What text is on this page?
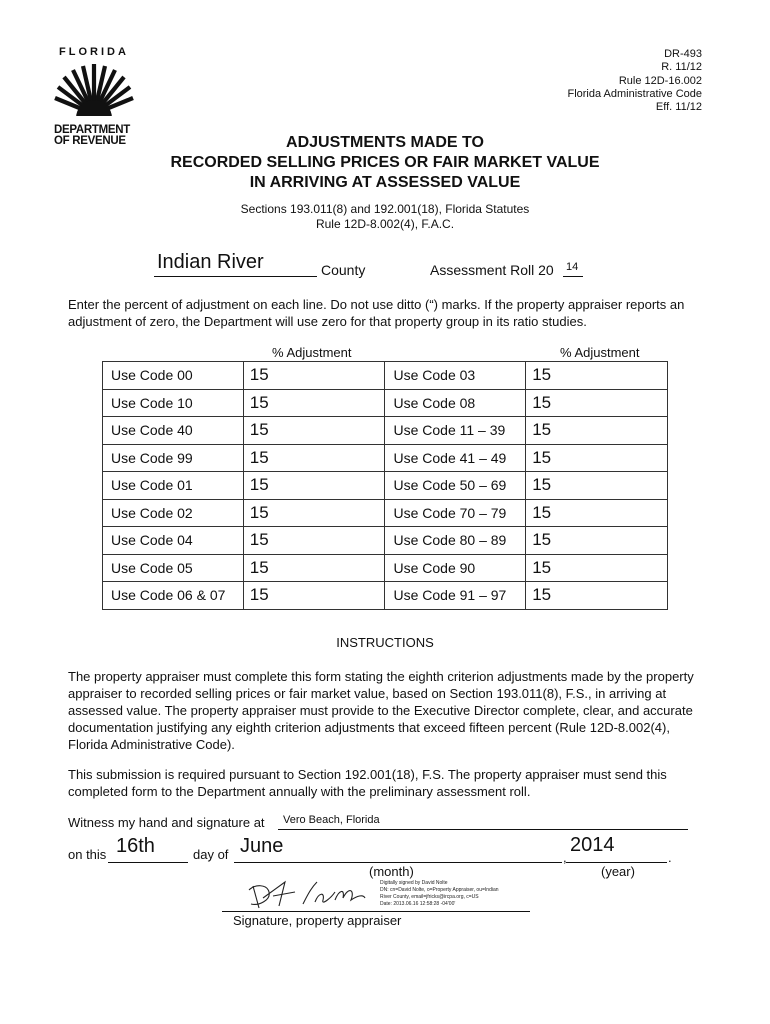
FLORIDA
DEPARTMENT
OF REVENUE
DR-493
R. 11/12
Rule 12D-16.002
Florida Administrative Code
Eff. 11/12
ADJUSTMENTS MADE TO
RECORDED SELLING PRICES OR FAIR MARKET VALUE
IN ARRIVING AT ASSESSED VALUE
Sections 193.011(8) and 192.001(18), Florida Statutes
Rule 12D-8.002(4), F.A.C.
Indian River	County	Assessment Roll 20 14
Enter the percent of adjustment on each line. Do not use ditto (“) marks. If the property appraiser reports an adjustment of zero, the Department will use zero for that property group in its ratio studies.
% Adjustment	% Adjustment
Use Code 00	15	Use Code 03	15
Use Code 10	15	Use Code 08	15
Use Code 40	15	Use Code 11 – 39	15
Use Code 99	15	Use Code 41 – 49	15
Use Code 01	15	Use Code 50 – 69	15
Use Code 02	15	Use Code 70 – 79	15
Use Code 04	15	Use Code 80 – 89	15
Use Code 05	15	Use Code 90	15
Use Code 06 & 07	15	Use Code 91 – 97	15
INSTRUCTIONS
The property appraiser must complete this form stating the eighth criterion adjustments made by the property appraiser to recorded selling prices or fair market value, based on Section 193.011(8), F.S., in arriving at assessed value. The property appraiser must provide to the Executive Director complete, clear, and accurate documentation justifying any eighth criterion adjustments that exceed fifteen percent (Rule 12D-8.002(4), Florida Administrative Code).
This submission is required pursuant to Section 192.001(18), F.S. The property appraiser must send this completed form to the Department annually with the preliminary assessment roll.
Witness my hand and signature at Vero Beach, Florida
on this 16th	day of June
,
2014
.
(month)	(year)
Digitally signed by David Nolte
DN: cn=David Nolte, o=Property Appraiser, ou=Indian
River County, email=jfricks@ircpa.org, c=US
Date: 2013.06.16 12:58:28 -04'00'
Signature, property appraiser
